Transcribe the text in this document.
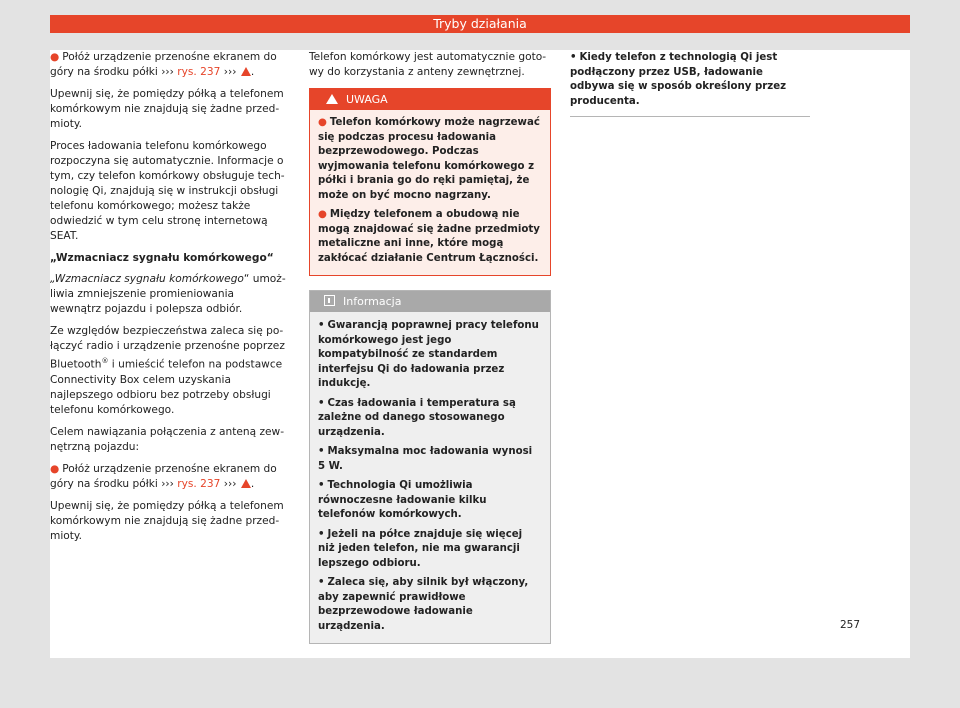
Tryby działania

● Połóż urządzenie przenośne ekranem do góry na środku półki ››› rys. 237 ››› .

Upewnij się, że pomiędzy półką a telefonem komórkowym nie znajdują się żadne przedmioty.

Proces ładowania telefonu komórkowego rozpoczyna się automatycznie. Informacje o tym, czy telefon komórkowy obsługuje technologię Qi, znajdują się w instrukcji obsługi telefonu komórkowego; możesz także odwiedzić w tym celu stronę internetową SEAT.

„Wzmacniacz sygnału komórkowego“

„Wzmacniacz sygnału komórkowego“ umożliwia zmniejszenie promieniowania wewnątrz pojazdu i polepsza odbiór.

Ze względów bezpieczeństwa zaleca się połączyć radio i urządzenie przenośne poprzez Bluetooth® i umieścić telefon na podstawce Connectivity Box celem uzyskania najlepszego odbioru bez potrzeby obsługi telefonu komórkowego.

Celem nawiązania połączenia z anteną zewnętrzną pojazdu:

● Połóż urządzenie przenośne ekranem do góry na środku półki ››› rys. 237 ››› .

Upewnij się, że pomiędzy półką a telefonem komórkowym nie znajdują się żadne przedmioty.

Telefon komórkowy jest automatycznie gotowy do korzystania z anteny zewnętrznej.

UWAGA

● Telefon komórkowy może nagrzewać się podczas procesu ładowania bezprzewodowego. Podczas wyjmowania telefonu komórkowego z półki i brania go do ręki pamiętaj, że może on być mocno nagrzany.

● Między telefonem a obudową nie mogą znajdować się żadne przedmioty metaliczne ani inne, które mogą zakłócać działanie Centrum Łączności.

Informacja

• Gwarancją poprawnej pracy telefonu komórkowego jest jego kompatybilność ze standardem interfejsu Qi do ładowania przez indukcję.

• Czas ładowania i temperatura są zależne od danego stosowanego urządzenia.

• Maksymalna moc ładowania wynosi 5 W.

• Technologia Qi umożliwia równoczesne ładowanie kilku telefonów komórkowych.

• Jeżeli na półce znajduje się więcej niż jeden telefon, nie ma gwarancji lepszego odbioru.

• Zaleca się, aby silnik był włączony, aby zapewnić prawidłowe bezprzewodowe ładowanie urządzenia.

• Kiedy telefon z technologią Qi jest podłączony przez USB, ładowanie odbywa się w sposób określony przez producenta.
257
